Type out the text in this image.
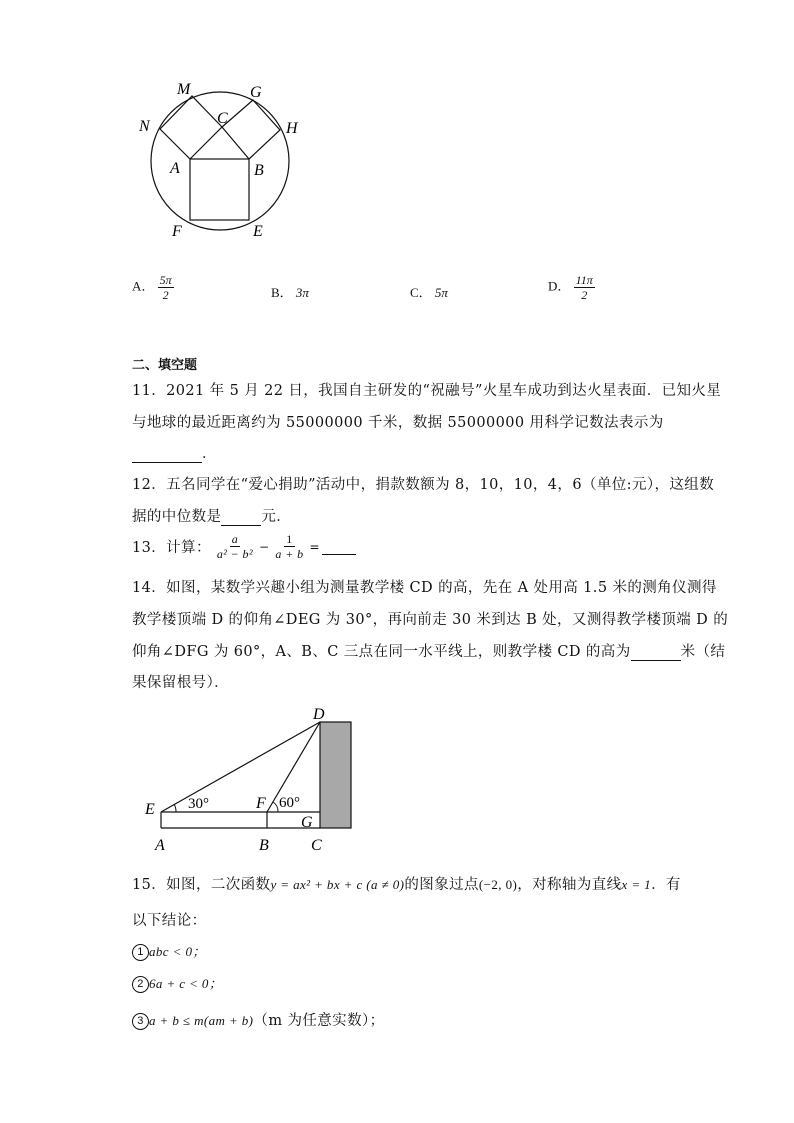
M	G
N	C
H
A	B
F	E
A． $\frac{5\pi}{2}$	B． 3π	C． 5π	D． $\frac{11\pi}{2}$
二、填空题
11．2021 年 5 月 22 日，我国自主研发的“祝融号”火星车成功到达火星表面．已知火星
与地球的最近距离约为 55000000 千米，数据 55000000 用科学记数法表示为
．
12．五名同学在“爱心捐助”活动中，捐款数额为 8，10，10，4，6（单位:元），这组数
据的中位数是	元．
13．计算： $\frac{a}{\text{a² − b²}} - \frac{1}{a + b}$ =

14．如图，某数学兴趣小组为测量教学楼 CD 的高，先在 A 处用高 1.5 米的测角仪测得
教学楼顶端 D 的仰角∠DEG 为 30°，再向前走 30 米到达 B 处，又测得教学楼顶端 D 的
仰角∠DFG 为 60°，A、B、C 三点在同一水平线上，则教学楼 CD 的高为	米（结
果保留根号）．
30°	60°
D
E	F
G
A	B	C
15．如图，二次函数y = ax² + bx + c (a ≠ 0)的图象过点(−2, 0)，对称轴为直线x = 1．有
以下结论：
1 abc < 0；
2 6a + c < 0；
3 a + b ≤ m(am + b)（m 为任意实数）；
